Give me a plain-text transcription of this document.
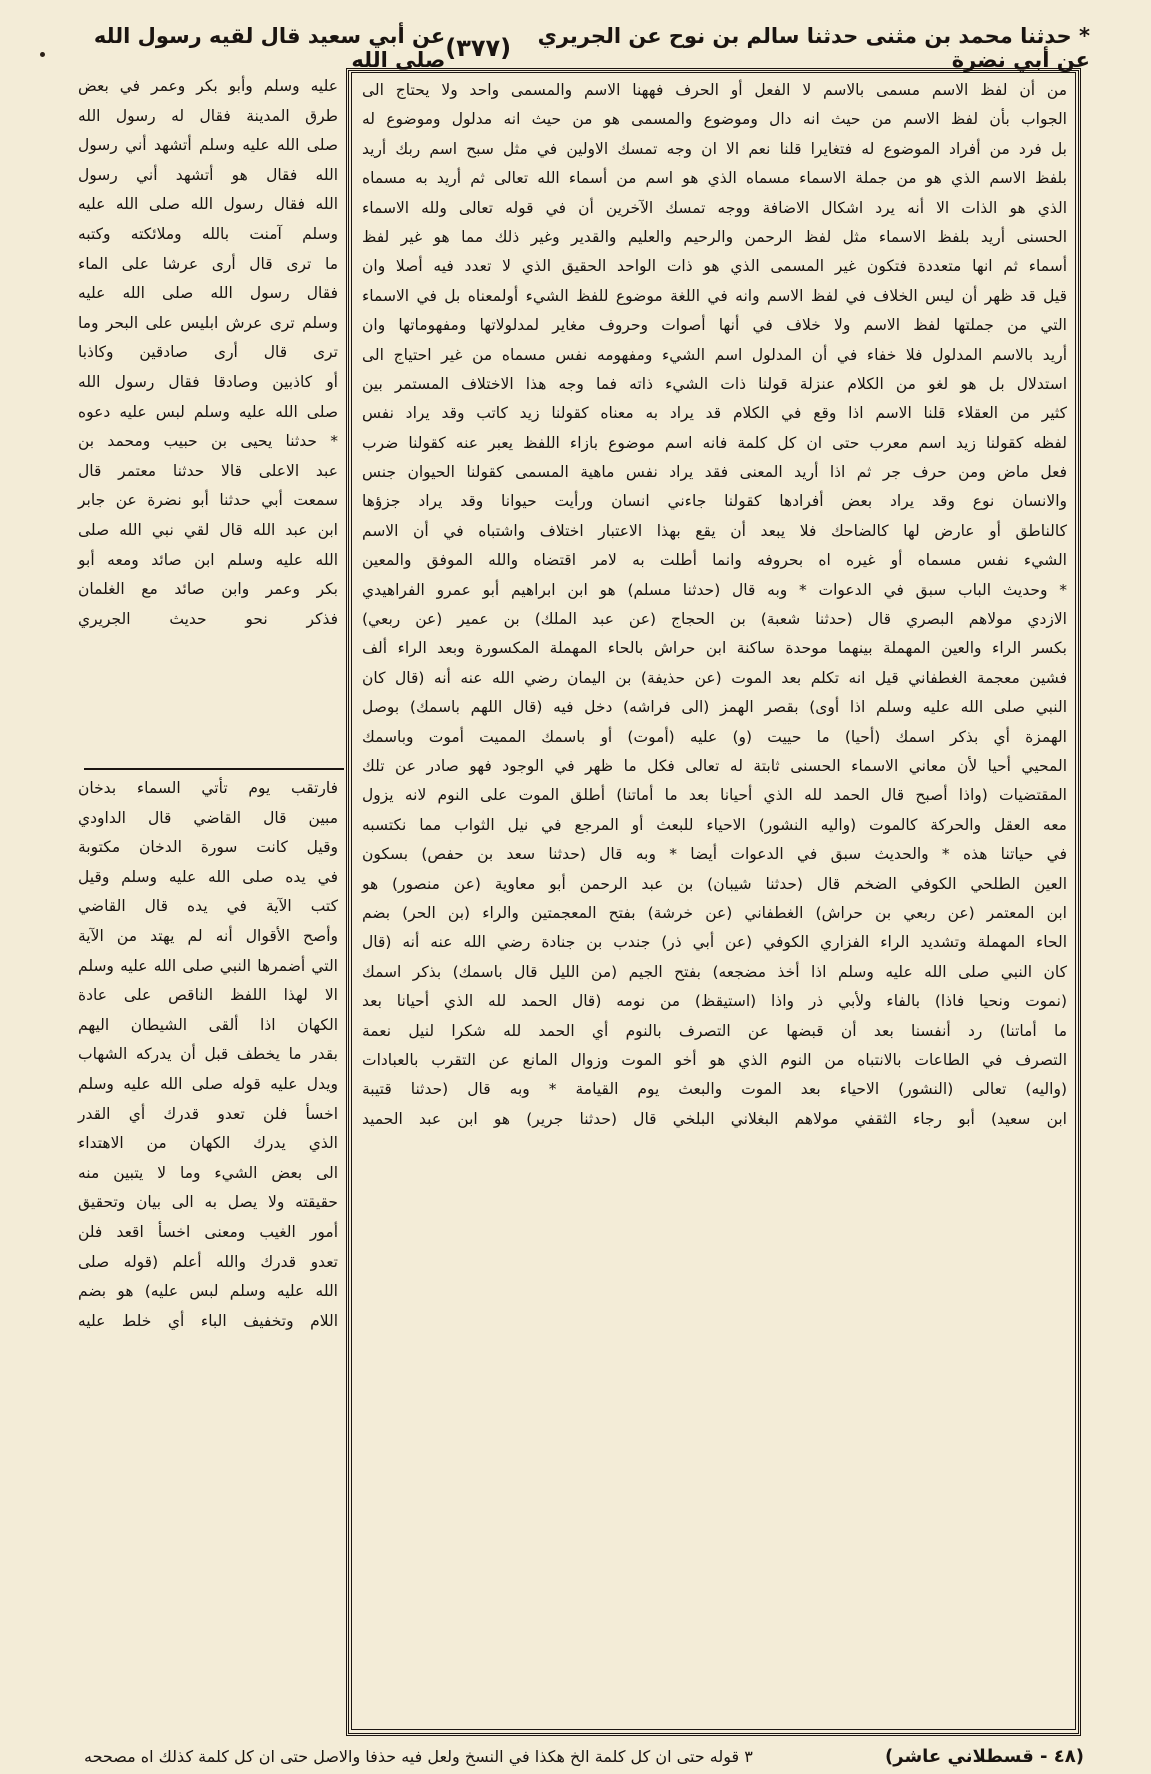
* حدثنا محمد بن مثنى حدثنا سالم بن نوح عن الجريري عن أبي نضرة
(٣٧٧)
عن أبي سعيد قال لقيه رسول الله صلى الله
من أن لفظ الاسم مسمى بالاسم لا الفعل أو الحرف فههنا الاسم والمسمى واحد ولا يحتاج الى
الجواب بأن لفظ الاسم من حيث انه دال وموضوع والمسمى هو من حيث انه مدلول وموضوع له
بل فرد من أفراد الموضوع له فتغايرا قلنا نعم الا ان وجه تمسك الاولين في مثل سبح اسم ربك أريد
بلفظ الاسم الذي هو من جملة الاسماء مسماه الذي هو اسم من أسماء الله تعالى ثم أريد به مسماه
الذي هو الذات الا أنه يرد اشكال الاضافة ووجه تمسك الآخرين أن في قوله تعالى ولله الاسماء
الحسنى أريد بلفظ الاسماء مثل لفظ الرحمن والرحيم والعليم والقدير وغير ذلك مما هو غير لفظ
أسماء ثم انها متعددة فتكون غير المسمى الذي هو ذات الواحد الحقيق الذي لا تعدد فيه أصلا وان
قيل قد ظهر أن ليس الخلاف في لفظ الاسم وانه في اللغة موضوع للفظ الشيء أولمعناه بل في الاسماء
التي من جملتها لفظ الاسم ولا خلاف في أنها أصوات وحروف مغاير لمدلولاتها ومفهوماتها وان
أريد بالاسم المدلول فلا خفاء في أن المدلول اسم الشيء ومفهومه نفس مسماه من غير احتياج الى
استدلال بل هو لغو من الكلام عنزلة قولنا ذات الشيء ذاته فما وجه هذا الاختلاف المستمر بين
كثير من العقلاء قلنا الاسم اذا وقع في الكلام قد يراد به معناه كقولنا زيد كاتب وقد يراد نفس
لفظه كقولنا زيد اسم معرب حتى ان كل كلمة فانه اسم موضوع بازاء اللفظ يعبر عنه كقولنا ضرب
فعل ماض ومن حرف جر ثم اذا أريد المعنى فقد يراد نفس ماهية المسمى كقولنا الحيوان جنس
والانسان نوع وقد يراد بعض أفرادها كقولنا جاءني انسان ورأيت حيوانا وقد يراد جزؤها
كالناطق أو عارض لها كالضاحك فلا يبعد أن يقع بهذا الاعتبار اختلاف واشتباه في أن الاسم
الشيء نفس مسماه أو غيره اه بحروفه وانما أطلت به لامر اقتضاه والله الموفق والمعين
* وحديث الباب سبق في الدعوات * وبه قال (حدثنا مسلم) هو ابن ابراهيم أبو عمرو الفراهيدي
الازدي مولاهم البصري قال (حدثنا شعبة) بن الحجاج (عن عبد الملك) بن عمير (عن ربعي)
بكسر الراء والعين المهملة بينهما موحدة ساكنة ابن حراش بالحاء المهملة المكسورة وبعد الراء ألف
فشين معجمة الغطفاني قيل انه تكلم بعد الموت (عن حذيفة) بن اليمان رضي الله عنه أنه (قال كان
النبي صلى الله عليه وسلم اذا أوى) بقصر الهمز (الى فراشه) دخل فيه (قال اللهم باسمك) بوصل
الهمزة أي بذكر اسمك (أحيا) ما حييت (و) عليه (أموت) أو باسمك المميت أموت وباسمك
المحيي أحيا لأن معاني الاسماء الحسنى ثابتة له تعالى فكل ما ظهر في الوجود فهو صادر عن تلك
المقتضيات (واذا أصبح قال الحمد لله الذي أحيانا بعد ما أماتنا) أطلق الموت على النوم لانه يزول
معه العقل والحركة كالموت (واليه النشور) الاحياء للبعث أو المرجع في نيل الثواب مما نكتسبه
في حياتنا هذه * والحديث سبق في الدعوات أيضا * وبه قال (حدثنا سعد بن حفص) بسكون
العين الطلحي الكوفي الضخم قال (حدثنا شيبان) بن عبد الرحمن أبو معاوية (عن منصور) هو
ابن المعتمر (عن ربعي بن حراش) الغطفاني (عن خرشة) بفتح المعجمتين والراء (بن الحر) بضم
الحاء المهملة وتشديد الراء الفزاري الكوفي (عن أبي ذر) جندب بن جنادة رضي الله عنه أنه (قال
كان النبي صلى الله عليه وسلم اذا أخذ مضجعه) بفتح الجيم (من الليل قال باسمك) بذكر اسمك
(نموت ونحيا فاذا) بالفاء ولأبي ذر واذا (استيقظ) من نومه (قال الحمد لله الذي أحيانا بعد
ما أماتنا) رد أنفسنا بعد أن قبضها عن التصرف بالنوم أي الحمد لله شكرا لنيل نعمة
التصرف في الطاعات بالانتباه من النوم الذي هو أخو الموت وزوال المانع عن التقرب بالعبادات
(واليه) تعالى (النشور) الاحياء بعد الموت والبعث يوم القيامة * وبه قال (حدثنا قتيبة
ابن سعيد) أبو رجاء الثقفي مولاهم البغلاني البلخي قال (حدثنا جرير) هو ابن عبد الحميد
عليه وسلم وأبو بكر وعمر في بعض
طرق المدينة فقال له رسول الله
صلى الله عليه وسلم أتشهد أني رسول
الله فقال هو أتشهد أني رسول
الله فقال رسول الله صلى الله عليه
وسلم آمنت بالله وملائكته وكتبه
ما ترى قال أرى عرشا على الماء
فقال رسول الله صلى الله عليه
وسلم ترى عرش ابليس على البحر وما
ترى قال أرى صادقين وكاذبا
أو كاذبين وصادقا فقال رسول الله
صلى الله عليه وسلم لبس عليه دعوه
* حدثنا يحيى بن حبيب ومحمد بن
عبد الاعلى قالا حدثنا معتمر قال
سمعت أبي حدثنا أبو نضرة عن جابر
ابن عبد الله قال لقي نبي الله صلى
الله عليه وسلم ابن صائد ومعه أبو
بكر وعمر وابن صائد مع الغلمان
فذكر نحو حديث الجريري
فارتقب يوم تأتي السماء بدخان
مبين قال القاضي قال الداودي
وقيل كانت سورة الدخان مكتوبة
في يده صلى الله عليه وسلم وقيل
كتب الآية في يده قال القاضي
وأصح الأقوال أنه لم يهتد من الآية
التي أضمرها النبي صلى الله عليه وسلم
الا لهذا اللفظ الناقص على عادة
الكهان اذا ألقى الشيطان اليهم
بقدر ما يخطف قبل أن يدركه الشهاب
ويدل عليه قوله صلى الله عليه وسلم
اخسأ فلن تعدو قدرك أي القدر
الذي يدرك الكهان من الاهتداء
الى بعض الشيء وما لا يتبين منه
حقيقته ولا يصل به الى بيان وتحقيق
أمور الغيب ومعنى اخسأ اقعد فلن
تعدو قدرك والله أعلم (قوله صلى
الله عليه وسلم لبس عليه) هو بضم
اللام وتخفيف الباء أي خلط عليه
(٤٨ - قسطلاني عاشر)
٣ قوله حتى ان كل كلمة الخ هكذا في النسخ ولعل فيه حذفا والاصل حتى ان كل كلمة كذلك اه مصححه
